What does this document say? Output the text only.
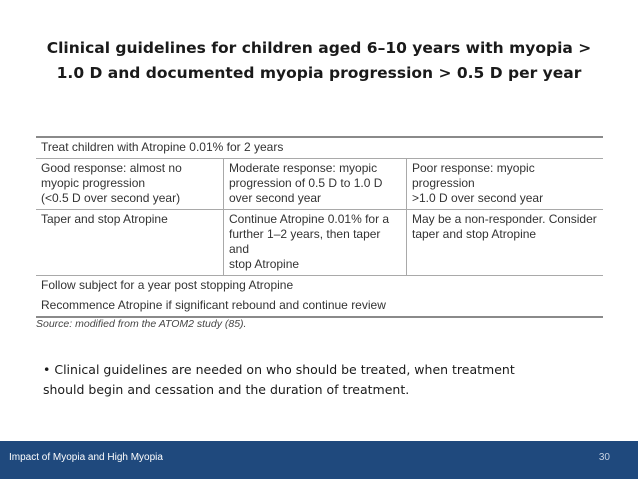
Clinical guidelines for children aged 6–10 years with myopia >
1.0 D and documented myopia progression > 0.5 D per year
Treat children with Atropine 0.01% for 2 years
Good response: almost no
myopic progression
(<0.5 D over second year)
Moderate response: myopic
progression of 0.5 D to 1.0 D
over second year
Poor response: myopic progression
>1.0 D over second year
Taper and stop Atropine	Continue Atropine 0.01% for a
further 1–2 years, then taper and
stop Atropine
May be a non-responder. Consider
taper and stop Atropine
Follow subject for a year post stopping Atropine
Recommence Atropine if significant rebound and continue review
Source: modified from the ATOM2 study (85).
• Clinical guidelines are needed on who should be treated, when treatment
should begin and cessation and the duration of treatment.
Impact of Myopia and High Myopia	30
